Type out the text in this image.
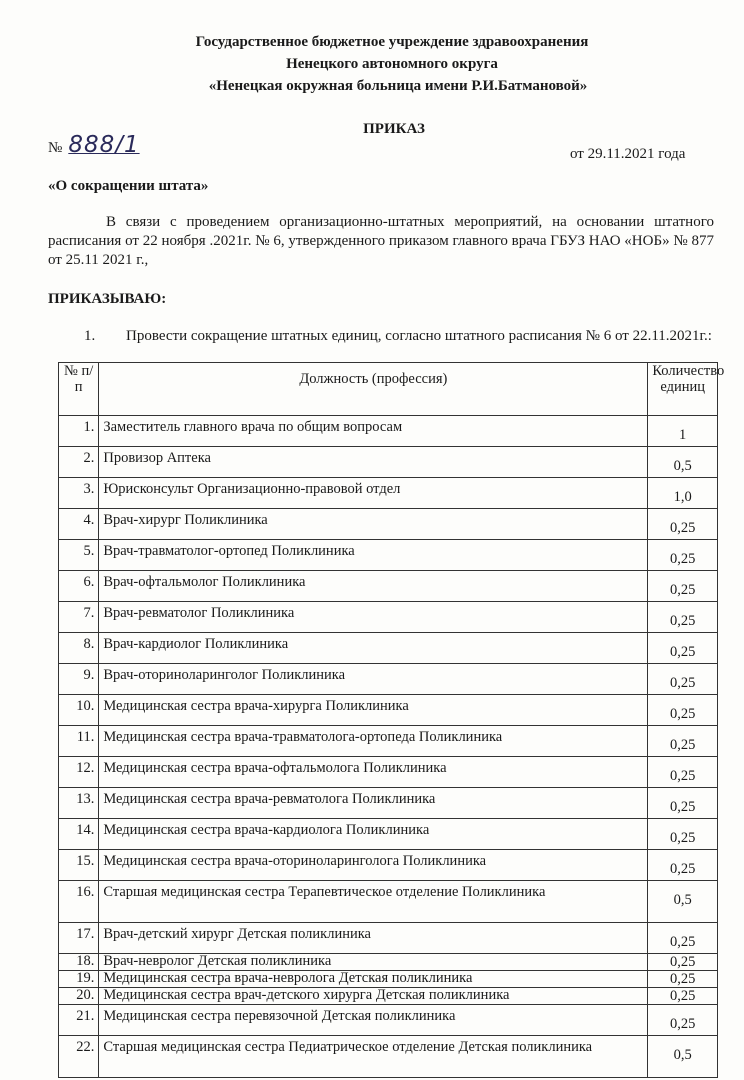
Государственное бюджетное учреждение здравоохранения
Ненецкого автономного округа
«Ненецкая окружная больница имени Р.И.Батмановой»
ПРИКАЗ
№ 888/1	от 29.11.2021 года
«О сокращении штата»
В связи с проведением организационно-штатных мероприятий, на основании штатного расписания от 22 ноября .2021г. № 6, утвержденного приказом главного врача ГБУЗ НАО «НОБ» № 877 от 25.11 2021 г.,
ПРИКАЗЫВАЮ:
1. Провести сокращение штатных единиц, согласно штатного расписания № 6 от 22.11.2021г.:
№ п/п	Должность (профессия)	Количество единиц
1.	Заместитель главного врача по общим вопросам	1
2.	Провизор Аптека	0,5
3.	Юрисконсульт Организационно-правовой отдел	1,0
4.	Врач-хирург Поликлиника	0,25
5.	Врач-травматолог-ортопед Поликлиника	0,25
6.	Врач-офтальмолог Поликлиника	0,25
7.	Врач-ревматолог Поликлиника	0,25
8.	Врач-кардиолог Поликлиника	0,25
9.	Врач-оториноларинголог Поликлиника	0,25
10.	Медицинская сестра врача-хирурга Поликлиника	0,25
11.	Медицинская сестра врача-травматолога-ортопеда Поликлиника	0,25
12.	Медицинская сестра врача-офтальмолога Поликлиника	0,25
13.	Медицинская сестра врача-ревматолога Поликлиника	0,25
14.	Медицинская сестра врача-кардиолога Поликлиника	0,25
15.	Медицинская сестра врача-оториноларинголога Поликлиника	0,25
16.	Старшая медицинская сестра Терапевтическое отделение Поликлиника	0,5
17.	Врач-детский хирург Детская поликлиника	0,25
18.	Врач-невролог Детская поликлиника	0,25
19.	Медицинская сестра врача-невролога Детская поликлиника	0,25
20.	Медицинская сестра врач-детского хирурга Детская поликлиника	0,25
21.	Медицинская сестра перевязочной Детская поликлиника	0,25
22.	Старшая медицинская сестра Педиатрическое отделение Детская поликлиника	0,5
